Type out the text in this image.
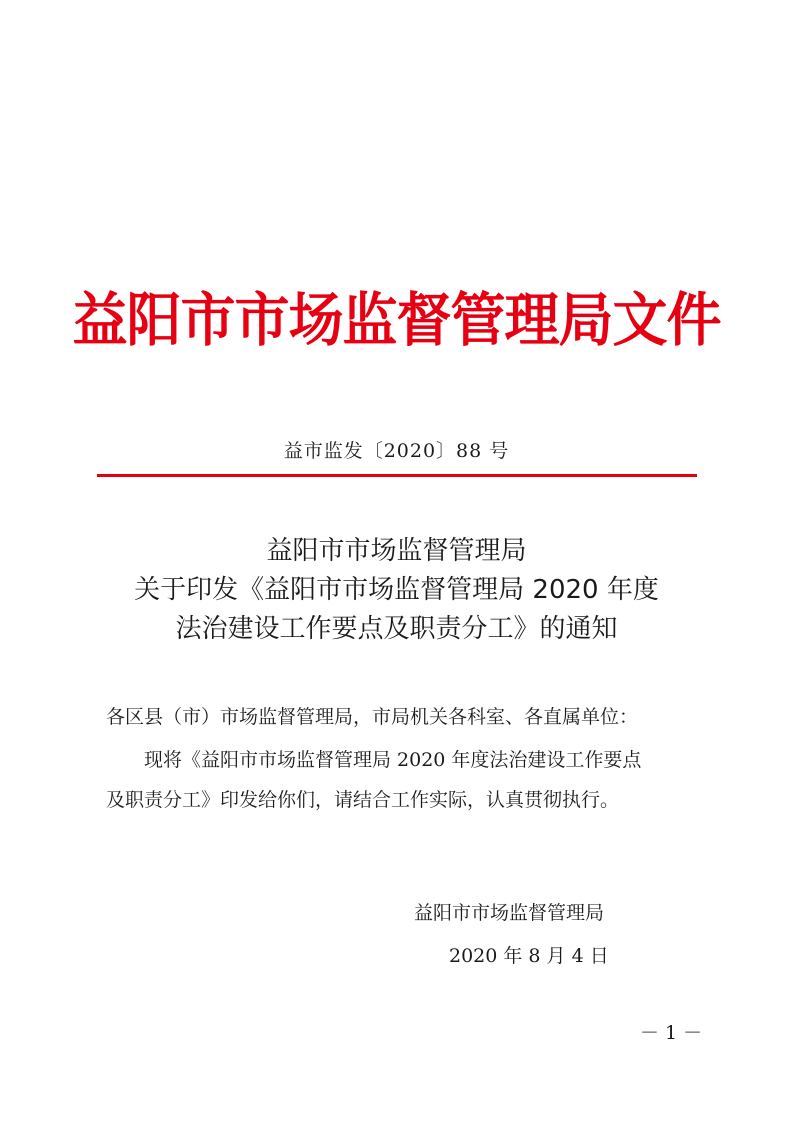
益阳市市场监督管理局文件
益市监发〔2020〕88 号
益阳市市场监督管理局
关于印发《益阳市市场监督管理局 2020 年度
法治建设工作要点及职责分工》的通知
各区县（市）市场监督管理局，市局机关各科室、各直属单位：
现将《益阳市市场监督管理局 2020 年度法治建设工作要点
及职责分工》印发给你们，请结合工作实际，认真贯彻执行。
益阳市市场监督管理局
2020 年 8 月 4 日
－ 1 －
